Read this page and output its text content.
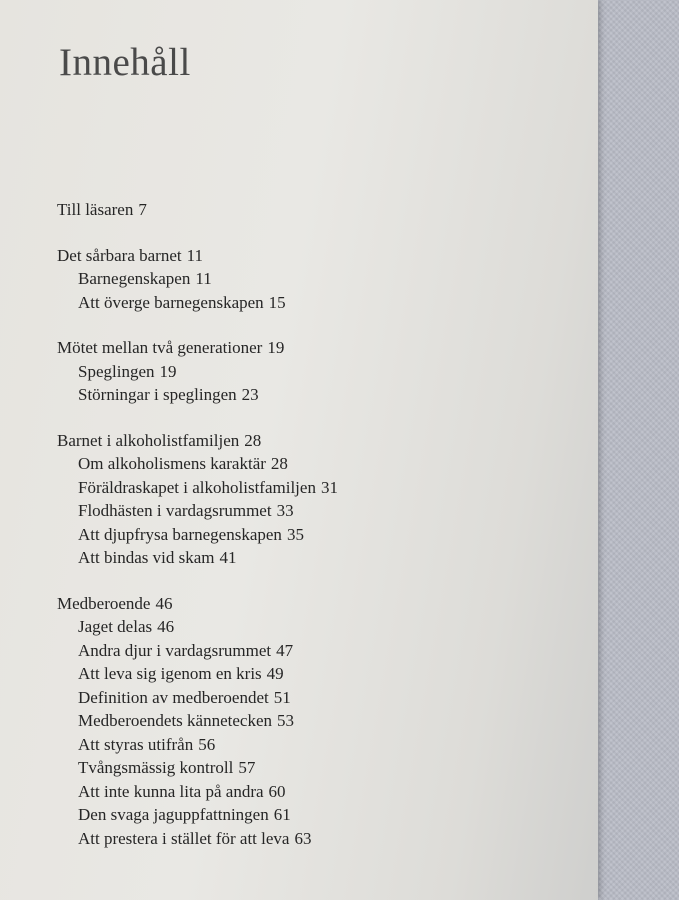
Innehåll
Till läsaren 7
Det sårbara barnet 11
Barnegenskapen 11
Att överge barnegenskapen 15
Mötet mellan två generationer 19
Speglingen 19
Störningar i speglingen 23
Barnet i alkoholistfamiljen 28
Om alkoholismens karaktär 28
Föräldraskapet i alkoholistfamiljen 31
Flodhästen i vardagsrummet 33
Att djupfrysa barnegenskapen 35
Att bindas vid skam 41
Medberoende 46
Jaget delas 46
Andra djur i vardagsrummet 47
Att leva sig igenom en kris 49
Definition av medberoendet 51
Medberoendets kännetecken 53
Att styras utifrån 56
Tvångsmässig kontroll 57
Att inte kunna lita på andra 60
Den svaga jaguppfattningen 61
Att prestera i stället för att leva 63
